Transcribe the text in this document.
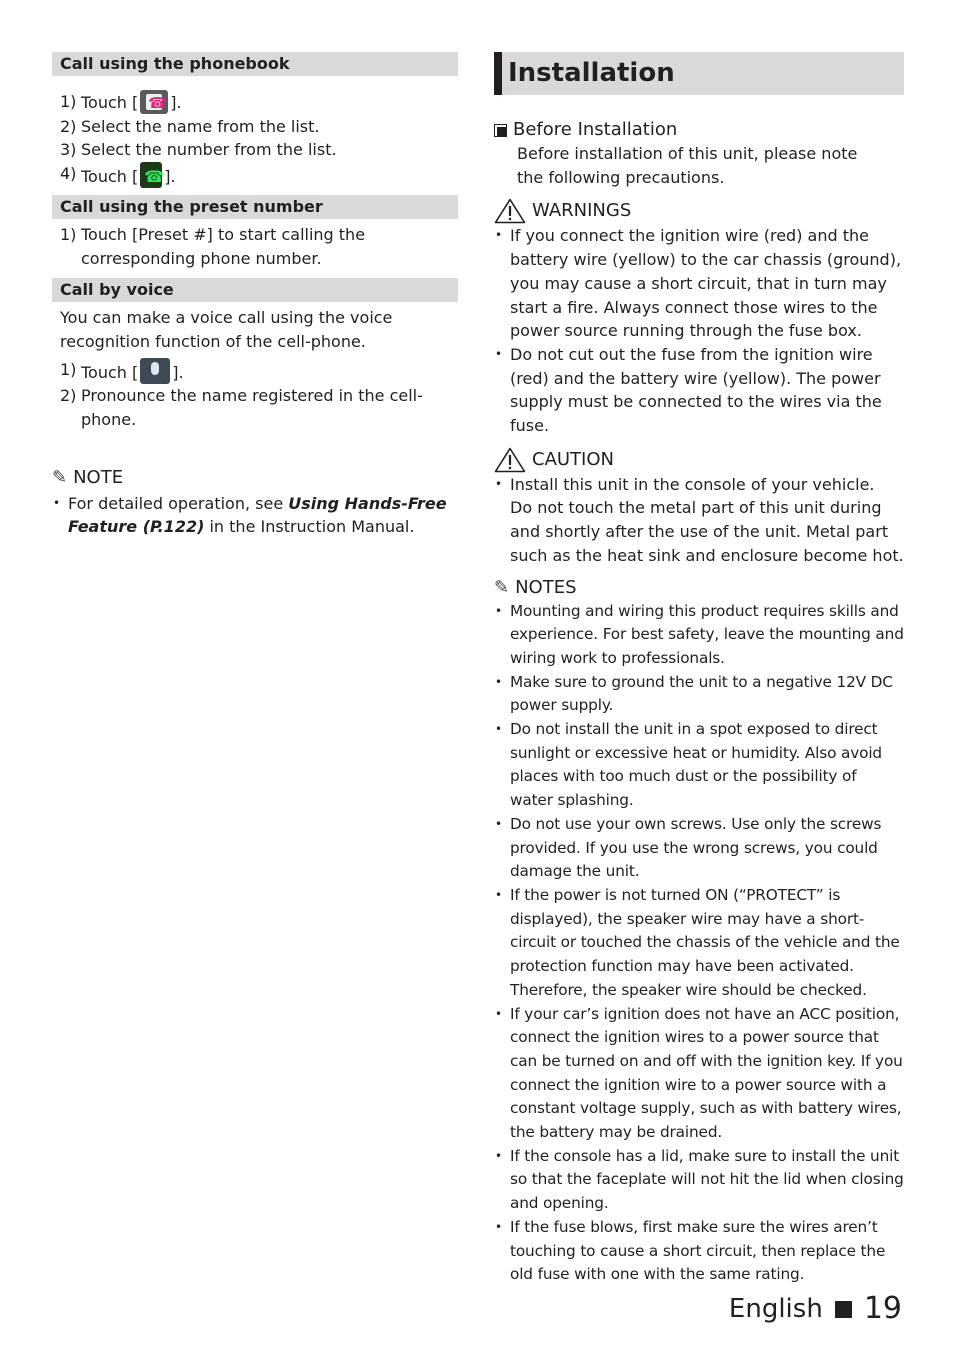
Call using the phonebook
1) Touch [ ☎ ].
2) Select the name from the list.
3) Select the number from the list.
4) Touch [ ☎ ].
Call using the preset number
1) Touch [Preset #] to start calling the corresponding phone number.
Call by voice
You can make a voice call using the voice recognition function of the cell-phone.
1) Touch [ ].
2) Pronounce the name registered in the cell-phone.
✎ NOTE
• For detailed operation, see Using Hands-Free Feature (P.122) in the Instruction Manual.
Installation
Before Installation
Before installation of this unit, please note the following precautions.
WARNINGS
• If you connect the ignition wire (red) and the battery wire (yellow) to the car chassis (ground), you may cause a short circuit, that in turn may start a fire. Always connect those wires to the power source running through the fuse box.
• Do not cut out the fuse from the ignition wire (red) and the battery wire (yellow). The power supply must be connected to the wires via the fuse.
CAUTION
• Install this unit in the console of your vehicle.
Do not touch the metal part of this unit during and shortly after the use of the unit. Metal part such as the heat sink and enclosure become hot.
✎ NOTES
• Mounting and wiring this product requires skills and experience. For best safety, leave the mounting and wiring work to professionals.
• Make sure to ground the unit to a negative 12V DC power supply.
• Do not install the unit in a spot exposed to direct sunlight or excessive heat or humidity. Also avoid places with too much dust or the possibility of water splashing.
• Do not use your own screws. Use only the screws provided. If you use the wrong screws, you could damage the unit.
• If the power is not turned ON (“PROTECT” is displayed), the speaker wire may have a short-circuit or touched the chassis of the vehicle and the protection function may have been activated. Therefore, the speaker wire should be checked.
• If your car’s ignition does not have an ACC position, connect the ignition wires to a power source that can be turned on and off with the ignition key. If you connect the ignition wire to a power source with a constant voltage supply, such as with battery wires, the battery may be drained.
• If the console has a lid, make sure to install the unit so that the faceplate will not hit the lid when closing and opening.
• If the fuse blows, first make sure the wires aren’t touching to cause a short circuit, then replace the old fuse with one with the same rating.
English 19
